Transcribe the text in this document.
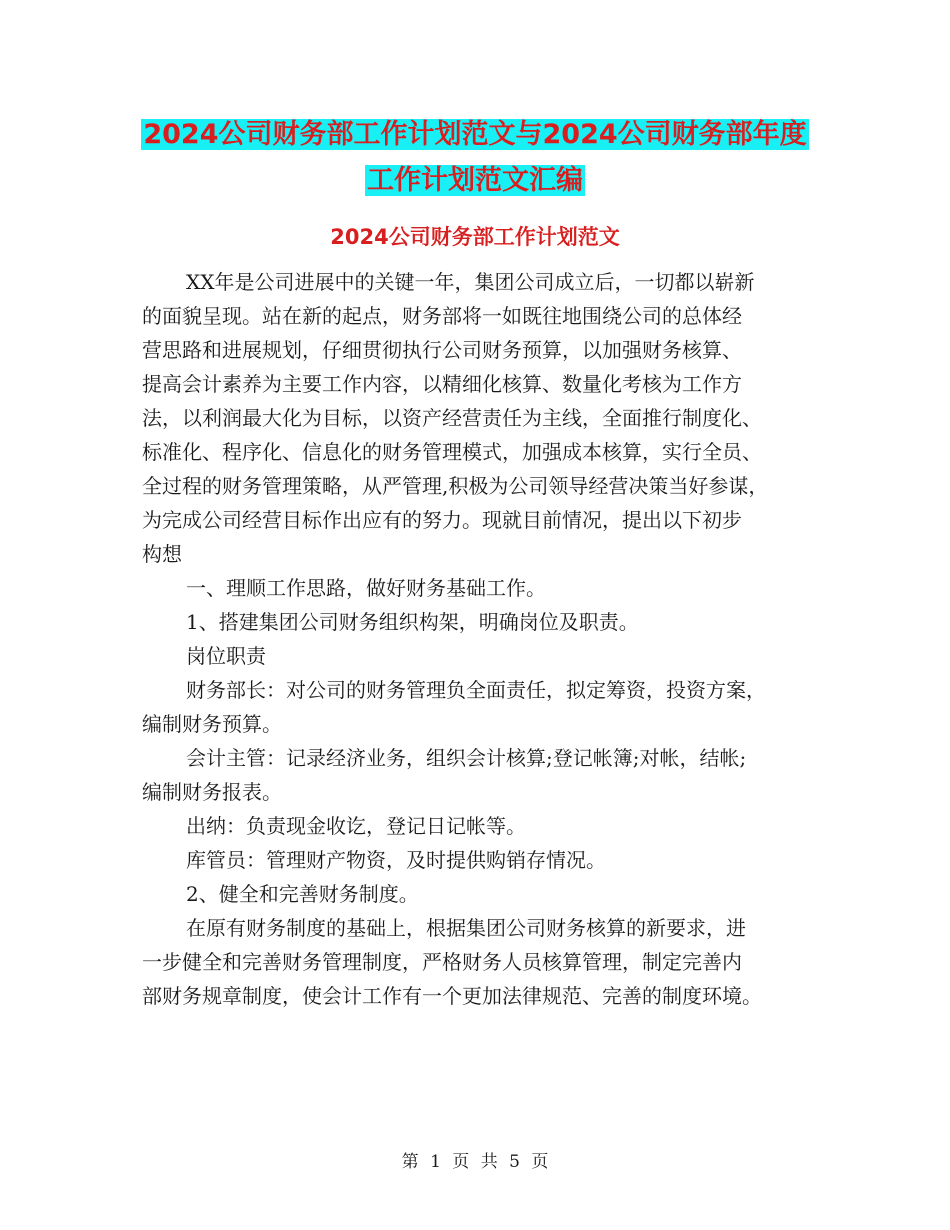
2024公司财务部工作计划范文与2024公司财务部年度
工作计划范文汇编
2024公司财务部工作计划范文
XX年是公司进展中的关键一年，集团公司成立后，一切都以崭新
的面貌呈现。站在新的起点，财务部将一如既往地围绕公司的总体经
营思路和进展规划，仔细贯彻执行公司财务预算，以加强财务核算、
提高会计素养为主要工作内容，以精细化核算、数量化考核为工作方
法，以利润最大化为目标，以资产经营责任为主线，全面推行制度化、
标准化、程序化、信息化的财务管理模式，加强成本核算，实行全员、
全过程的财务管理策略，从严管理,积极为公司领导经营决策当好参谋，
为完成公司经营目标作出应有的努力。现就目前情况，提出以下初步
构想
一、理顺工作思路，做好财务基础工作。
1、搭建集团公司财务组织构架，明确岗位及职责。
岗位职责
财务部长：对公司的财务管理负全面责任，拟定筹资，投资方案，
编制财务预算。
会计主管：记录经济业务，组织会计核算;登记帐簿;对帐，结帐;
编制财务报表。
出纳：负责现金收讫，登记日记帐等。
库管员：管理财产物资，及时提供购销存情况。
2、健全和完善财务制度。
在原有财务制度的基础上，根据集团公司财务核算的新要求，进
一步健全和完善财务管理制度，严格财务人员核算管理，制定完善内
部财务规章制度，使会计工作有一个更加法律规范、完善的制度环境。
第 1 页 共 5 页
